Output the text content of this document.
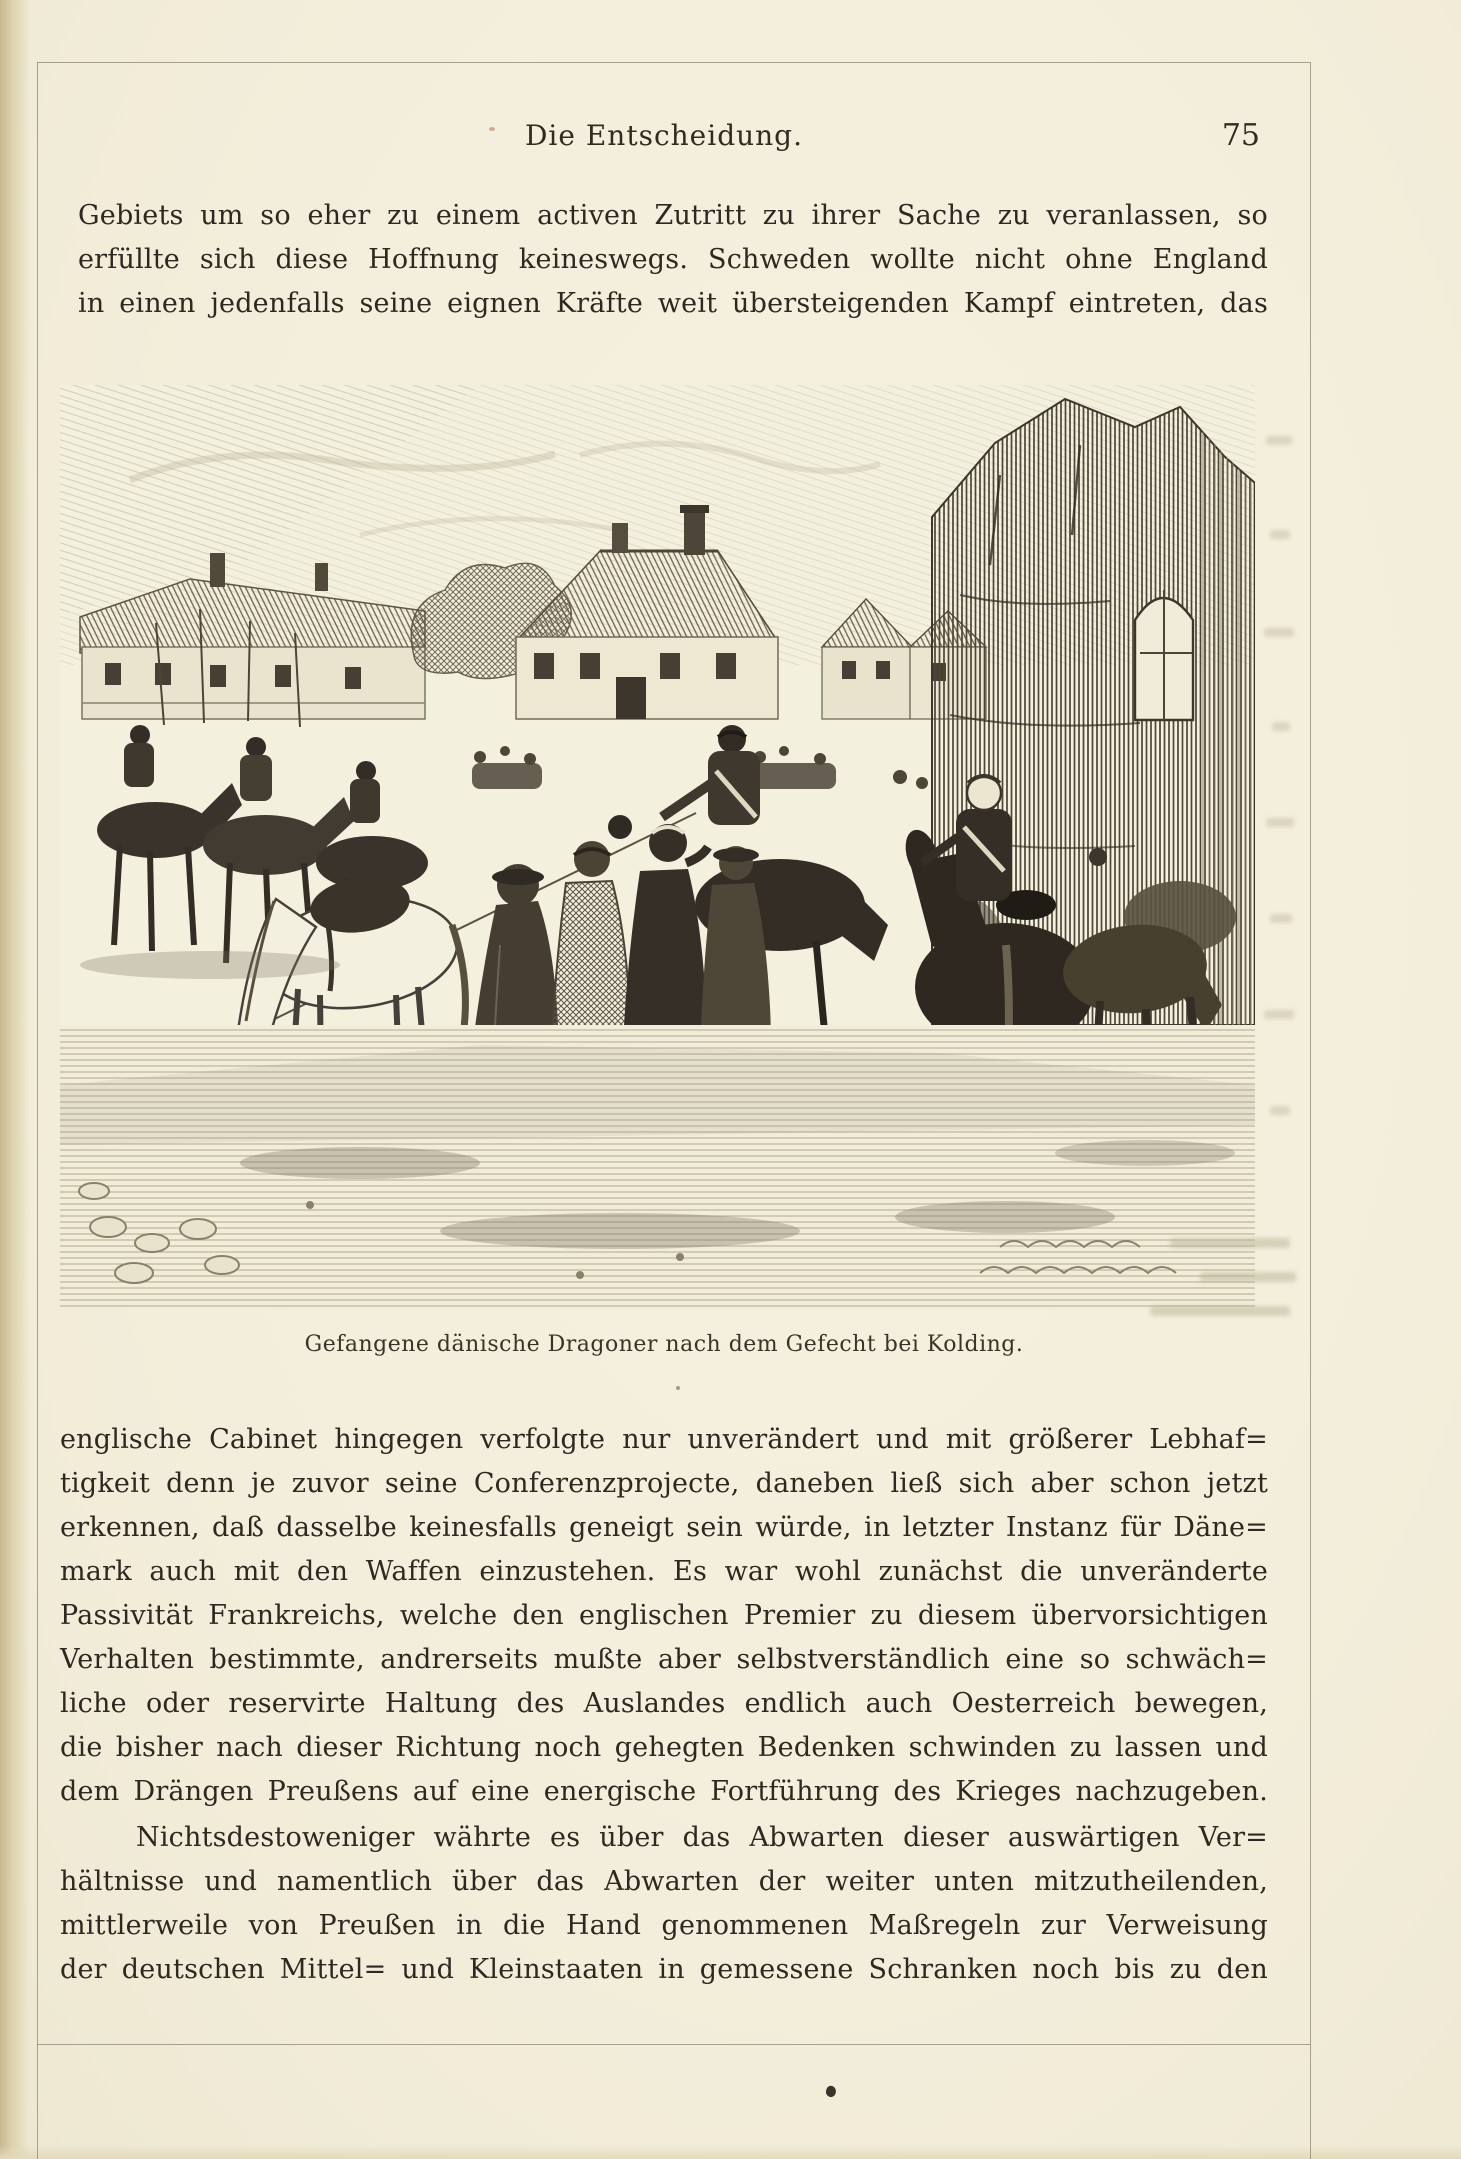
Die Entscheidung.	75
Gebiets um so eher zu einem activen Zutritt zu ihrer Sache zu veranlassen, so
erfüllte sich diese Hoffnung keineswegs. Schweden wollte nicht ohne England
in einen jedenfalls seine eignen Kräfte weit übersteigenden Kampf eintreten, das
Gefangene dänische Dragoner nach dem Gefecht bei Kolding.
englische Cabinet hingegen verfolgte nur unverändert und mit größerer Lebhaf=
tigkeit denn je zuvor seine Conferenzprojecte, daneben ließ sich aber schon jetzt
erkennen, daß dasselbe keinesfalls geneigt sein würde, in letzter Instanz für Däne=
mark auch mit den Waffen einzustehen. Es war wohl zunächst die unveränderte
Passivität Frankreichs, welche den englischen Premier zu diesem übervorsichtigen
Verhalten bestimmte, andrerseits mußte aber selbstverständlich eine so schwäch=
liche oder reservirte Haltung des Auslandes endlich auch Oesterreich bewegen,
die bisher nach dieser Richtung noch gehegten Bedenken schwinden zu lassen und
dem Drängen Preußens auf eine energische Fortführung des Krieges nachzugeben.
Nichtsdestoweniger währte es über das Abwarten dieser auswärtigen Ver=
hältnisse und namentlich über das Abwarten der weiter unten mitzutheilenden,
mittlerweile von Preußen in die Hand genommenen Maßregeln zur Verweisung
der deutschen Mittel= und Kleinstaaten in gemessene Schranken noch bis zu den
